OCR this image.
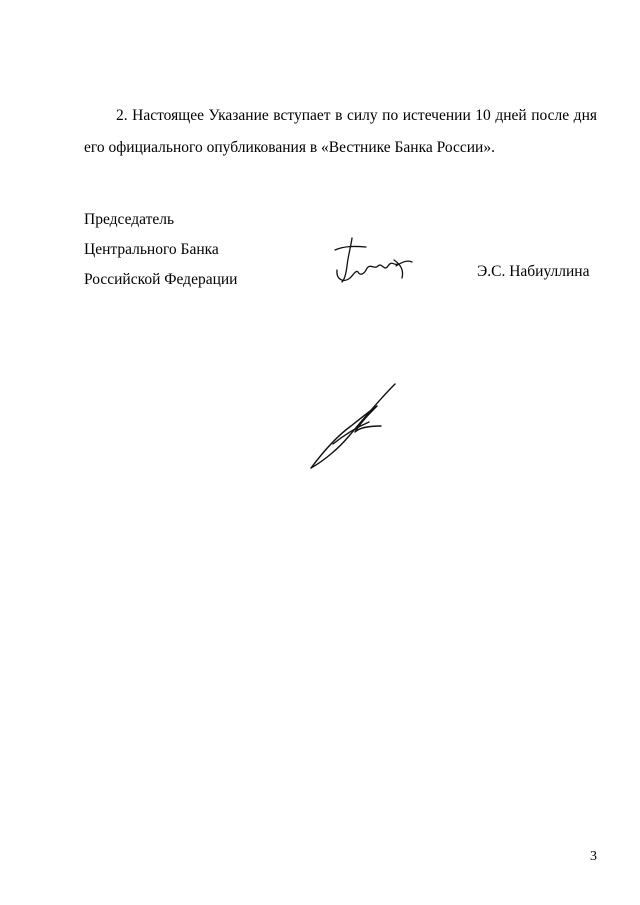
2. Настоящее Указание вступает в силу по истечении 10 дней после дня его официального опубликования в «Вестнике Банка России».

Председатель
Центрального Банка
Российской Федерации	Э.С. Набиуллина
3
